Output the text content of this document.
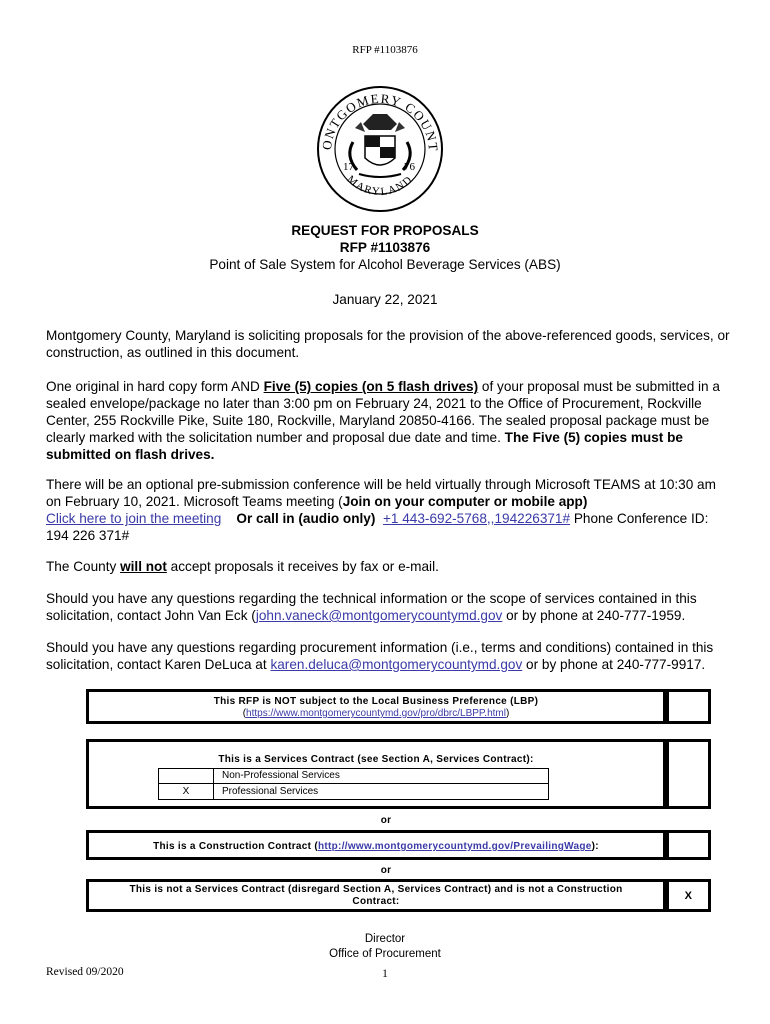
RFP #1103876
ONTGOMERY COUNT
MARYLAND
17	76
REQUEST FOR PROPOSALS
RFP #1103876
Point of Sale System for Alcohol Beverage Services (ABS)
January 22, 2021
Montgomery County, Maryland is soliciting proposals for the provision of the above-referenced goods, services, or construction, as outlined in this document.
One original in hard copy form AND Five (5) copies (on 5 flash drives) of your proposal must be submitted in a sealed envelope/package no later than 3:00 pm on February 24, 2021 to the Office of Procurement, Rockville Center, 255 Rockville Pike, Suite 180, Rockville, Maryland 20850-4166. The sealed proposal package must be clearly marked with the solicitation number and proposal due date and time. The Five (5) copies must be submitted on flash drives.
There will be an optional pre-submission conference will be held virtually through Microsoft TEAMS at 10:30 am on February 10, 2021. Microsoft Teams meeting (Join on your computer or mobile app)
Click here to join the meeting Or call in (audio only) +1 443-692-5768,,194226371# Phone Conference ID: 194 226 371#
The County will not accept proposals it receives by fax or e-mail.
Should you have any questions regarding the technical information or the scope of services contained in this solicitation, contact John Van Eck (john.vaneck@montgomerycountymd.gov or by phone at 240-777-1959.
Should you have any questions regarding procurement information (i.e., terms and conditions) contained in this solicitation, contact Karen DeLuca at karen.deluca@montgomerycountymd.gov or by phone at 240-777-9917.
This RFP is NOT subject to the Local Business Preference (LBP)
(https://www.montgomerycountymd.gov/pro/dbrc/LBPP.html)
This is a Services Contract (see Section A, Services Contract):
Non-Professional Services
X	Professional Services
or
This is a Construction Contract (http://www.montgomerycountymd.gov/PrevailingWage):
or
This is not a Services Contract (disregard Section A, Services Contract) and is not a Construction
Contract:	X
Director
Office of Procurement
Revised 09/2020	1
